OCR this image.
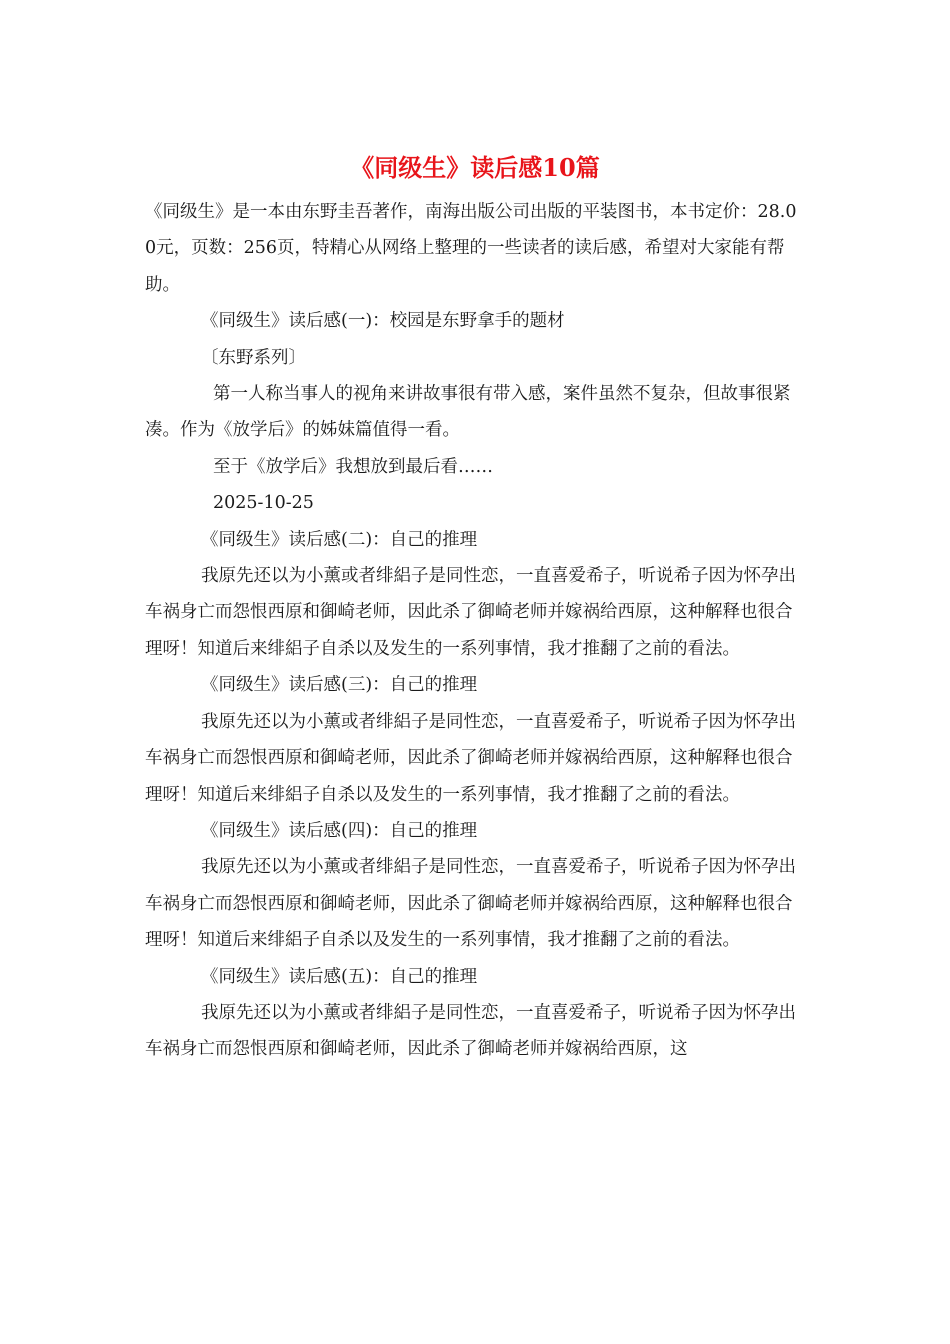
《同级生》读后感10篇

《同级生》是一本由东野圭吾著作，南海出版公司出版的平装图书，本书定价：28.00元，页数：256页，特精心从网络上整理的一些读者的读后感，希望对大家能有帮助。

《同级生》读后感(一)：校园是东野拿手的题材

〔东野系列〕

第一人称当事人的视角来讲故事很有带入感，案件虽然不复杂，但故事很紧凑。作为《放学后》的姊妹篇值得一看。

至于《放学后》我想放到最后看……

2025-10-25

《同级生》读后感(二)：自己的推理

我原先还以为小薰或者绯絽子是同性恋，一直喜爱希子，听说希子因为怀孕出车祸身亡而怨恨西原和御崎老师，因此杀了御崎老师并嫁祸给西原，这种解释也很合理呀！知道后来绯絽子自杀以及发生的一系列事情，我才推翻了之前的看法。

《同级生》读后感(三)：自己的推理

我原先还以为小薰或者绯絽子是同性恋，一直喜爱希子，听说希子因为怀孕出车祸身亡而怨恨西原和御崎老师，因此杀了御崎老师并嫁祸给西原，这种解释也很合理呀！知道后来绯絽子自杀以及发生的一系列事情，我才推翻了之前的看法。

《同级生》读后感(四)：自己的推理

我原先还以为小薰或者绯絽子是同性恋，一直喜爱希子，听说希子因为怀孕出车祸身亡而怨恨西原和御崎老师，因此杀了御崎老师并嫁祸给西原，这种解释也很合理呀！知道后来绯絽子自杀以及发生的一系列事情，我才推翻了之前的看法。

《同级生》读后感(五)：自己的推理

我原先还以为小薰或者绯絽子是同性恋，一直喜爱希子，听说希子因为怀孕出车祸身亡而怨恨西原和御崎老师，因此杀了御崎老师并嫁祸给西原，这
